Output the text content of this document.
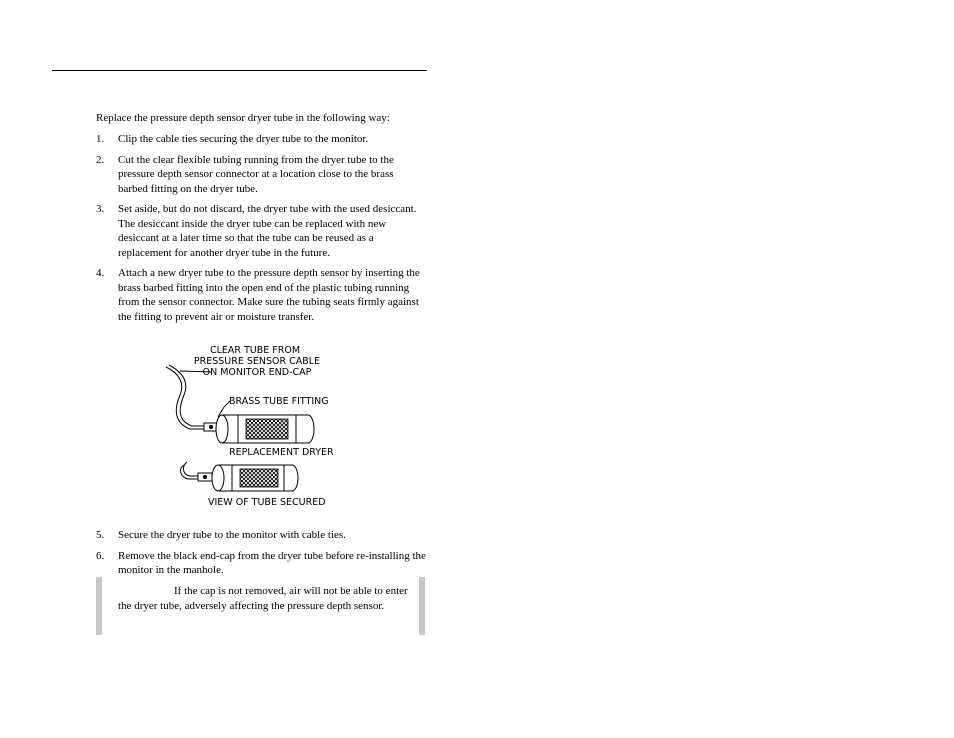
Replace the pressure depth sensor dryer tube in the following way:

1.	Clip the cable ties securing the dryer tube to the monitor.
2.	Cut the clear flexible tubing running from the dryer tube to the pressure depth sensor connector at a location close to the brass barbed fitting on the dryer tube.
3.	Set aside, but do not discard, the dryer tube with the used desiccant. The desiccant inside the dryer tube can be replaced with new desiccant at a later time so that the tube can be reused as a replacement for another dryer tube in the future.
4.	Attach a new dryer tube to the pressure depth sensor by inserting the brass barbed fitting into the open end of the plastic tubing running from the sensor connector. Make sure the tubing seats firmly against the fitting to prevent air or moisture transfer.
CLEAR TUBE FROM
PRESSURE SENSOR CABLE
ON MONITOR END-CAP
BRASS TUBE FITTING
REPLACEMENT DRYER
VIEW OF TUBE SECURED
5.	Secure the dryer tube to the monitor with cable ties.
6.	Remove the black end-cap from the dryer tube before re-installing the monitor in the manhole.
If the cap is not removed, air will not be able to enter the dryer tube, adversely affecting the pressure depth sensor.
